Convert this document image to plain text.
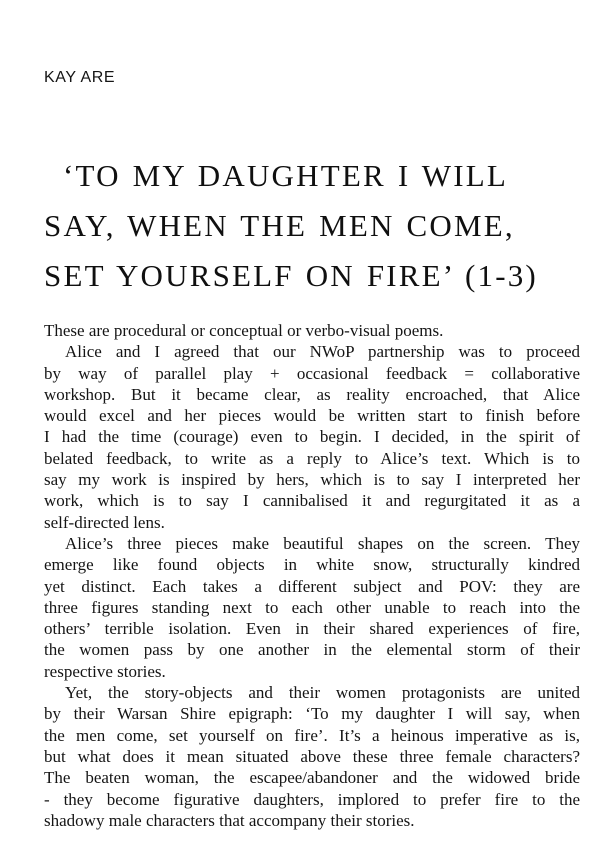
KAY ARE
‘TO MY DAUGHTER I WILL
SAY, WHEN THE MEN COME,
SET YOURSELF ON FIRE’ (1-3)
These are procedural or conceptual or verbo-visual poems.
Alice and I agreed that our NWoP partnership was to proceed
by way of parallel play + occasional feedback = collaborative
workshop. But it became clear, as reality encroached, that Alice
would excel and her pieces would be written start to finish before
I had the time (courage) even to begin. I decided, in the spirit of
belated feedback, to write as a reply to Alice’s text. Which is to
say my work is inspired by hers, which is to say I interpreted her
work, which is to say I cannibalised it and regurgitated it as a
self-directed lens.
Alice’s three pieces make beautiful shapes on the screen. They
emerge like found objects in white snow, structurally kindred
yet distinct. Each takes a different subject and POV: they are
three figures standing next to each other unable to reach into the
others’ terrible isolation. Even in their shared experiences of fire,
the women pass by one another in the elemental storm of their
respective stories.
Yet, the story-objects and their women protagonists are united
by their Warsan Shire epigraph: ‘To my daughter I will say, when
the men come, set yourself on fire’. It’s a heinous imperative as is,
but what does it mean situated above these three female characters?
The beaten woman, the escapee/abandoner and the widowed bride
- they become figurative daughters, implored to prefer fire to the
shadowy male characters that accompany their stories.
